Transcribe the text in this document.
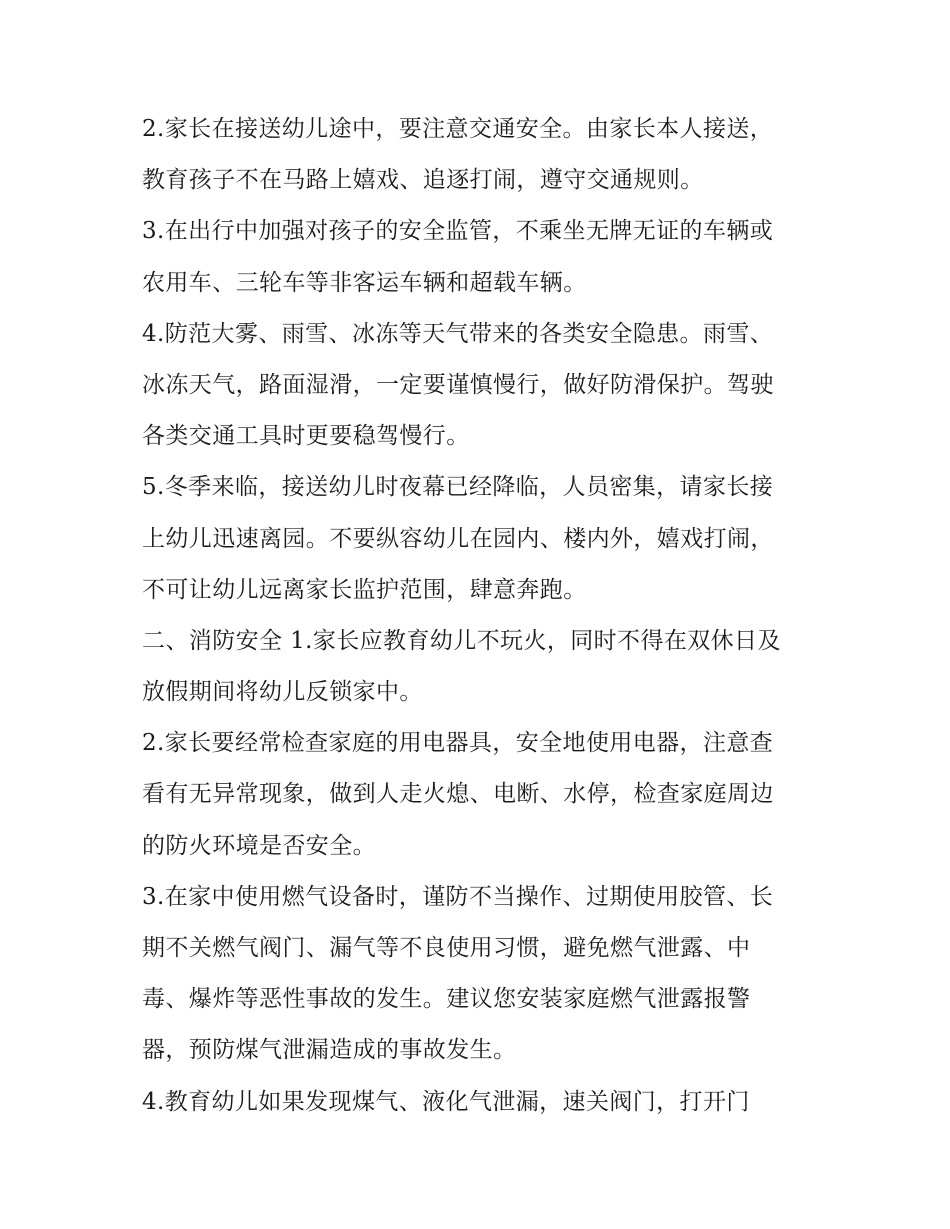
2.家长在接送幼儿途中，要注意交通安全。由家长本人接送，
教育孩子不在马路上嬉戏、追逐打闹，遵守交通规则。
3.在出行中加强对孩子的安全监管，不乘坐无牌无证的车辆或
农用车、三轮车等非客运车辆和超载车辆。
4.防范大雾、雨雪、冰冻等天气带来的各类安全隐患。雨雪、
冰冻天气，路面湿滑，一定要谨慎慢行，做好防滑保护。驾驶
各类交通工具时更要稳驾慢行。
5.冬季来临，接送幼儿时夜幕已经降临，人员密集，请家长接
上幼儿迅速离园。不要纵容幼儿在园内、楼内外，嬉戏打闹，
不可让幼儿远离家长监护范围，肆意奔跑。
二、消防安全 1.家长应教育幼儿不玩火，同时不得在双休日及
放假期间将幼儿反锁家中。
2.家长要经常检查家庭的用电器具，安全地使用电器，注意查
看有无异常现象，做到人走火熄、电断、水停，检查家庭周边
的防火环境是否安全。
3.在家中使用燃气设备时，谨防不当操作、过期使用胶管、长
期不关燃气阀门、漏气等不良使用习惯，避免燃气泄露、中
毒、爆炸等恶性事故的发生。建议您安装家庭燃气泄露报警
器，预防煤气泄漏造成的事故发生。
4.教育幼儿如果发现煤气、液化气泄漏，速关阀门，打开门
